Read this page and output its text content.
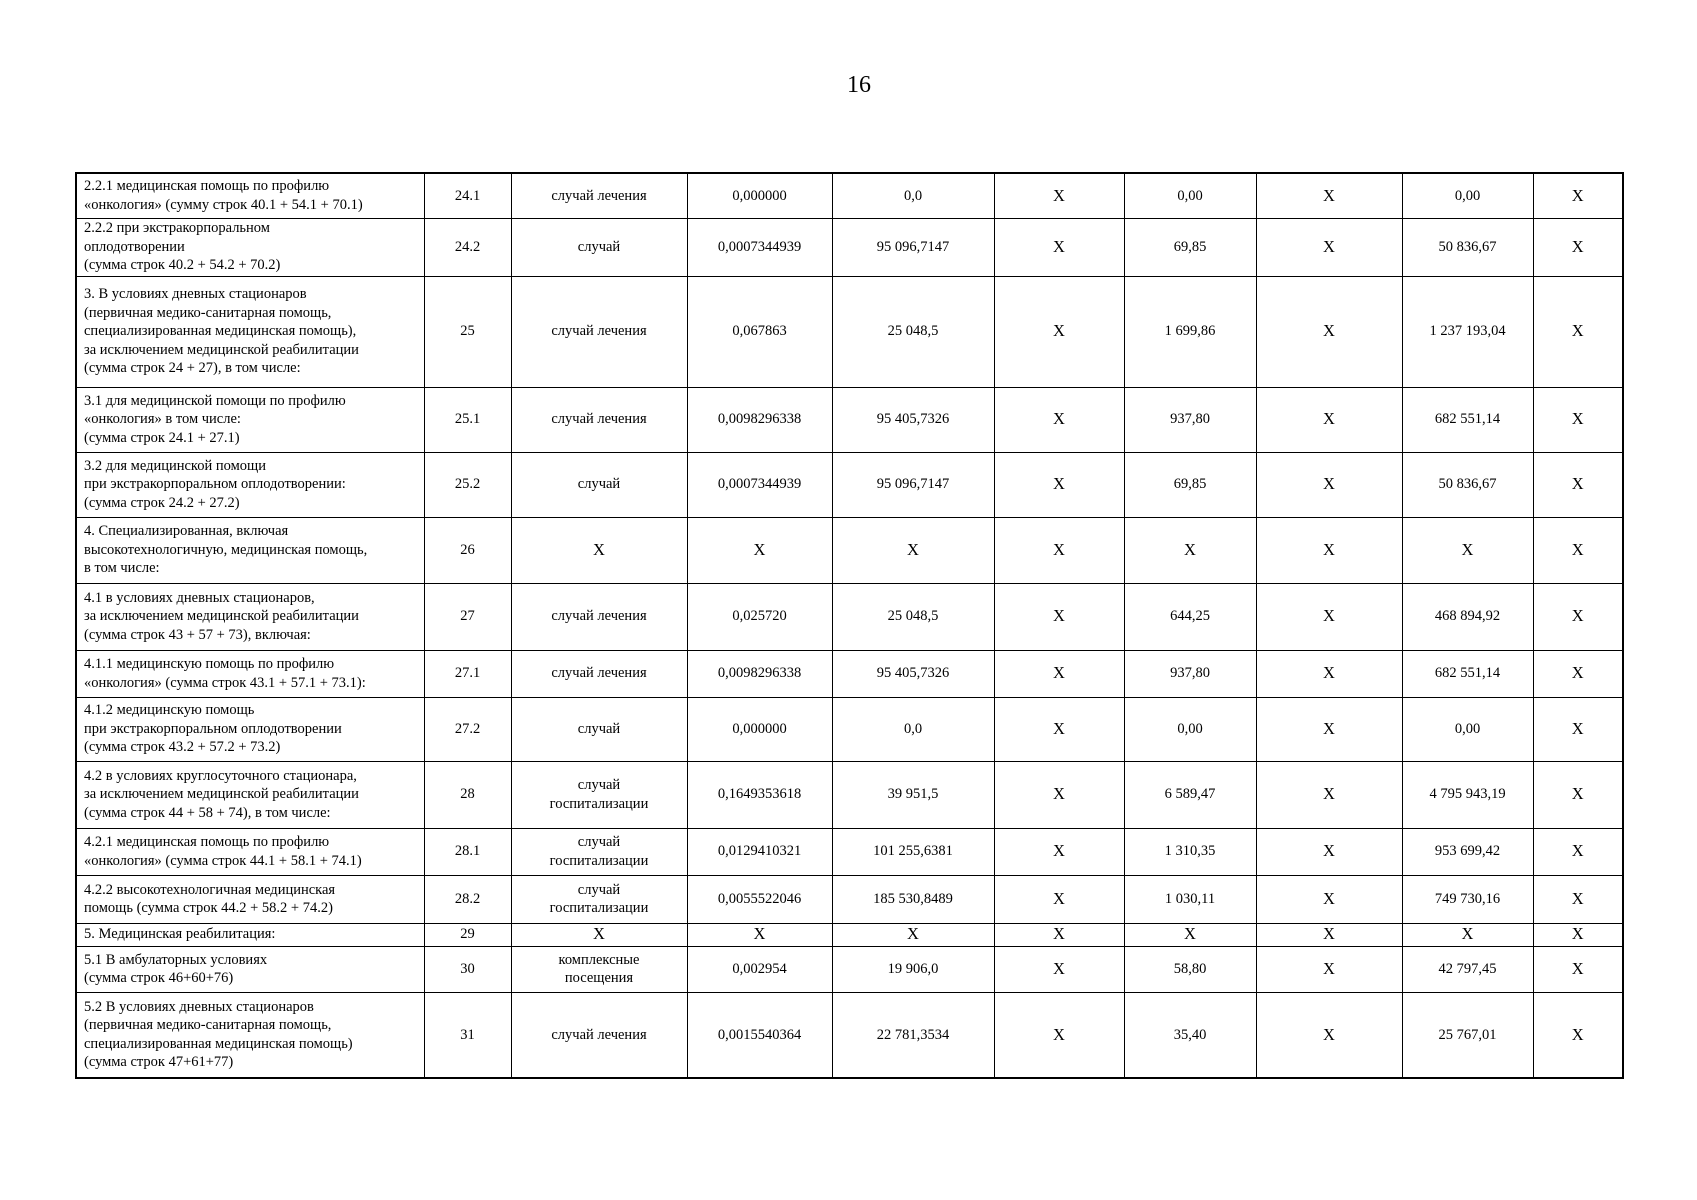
16
2.2.1 медицинская помощь по профилю
«онкология» (сумму строк 40.1 + 54.1 + 70.1)	24.1	случай лечения	0,000000	0,0	Х	0,00	Х	0,00	Х
2.2.2 при экстракорпоральном
оплодотворении
(сумма строк 40.2 + 54.2 + 70.2)	24.2	случай	0,0007344939	95 096,7147	Х	69,85	Х	50 836,67	Х
3. В условиях дневных стационаров
(первичная медико-санитарная помощь,
специализированная медицинская помощь),
за исключением медицинской реабилитации
(сумма строк 24 + 27), в том числе:	25	случай лечения	0,067863	25 048,5	Х	1 699,86	Х	1 237 193,04	Х
3.1 для медицинской помощи по профилю
«онкология» в том числе:
(сумма строк 24.1 + 27.1)	25.1	случай лечения	0,0098296338	95 405,7326	Х	937,80	Х	682 551,14	Х
3.2 для медицинской помощи
при экстракорпоральном оплодотворении:
(сумма строк 24.2 + 27.2)	25.2	случай	0,0007344939	95 096,7147	Х	69,85	Х	50 836,67	Х
4. Специализированная, включая
высокотехнологичную, медицинская помощь,
в том числе:	26	Х	Х	Х	Х	Х	Х	Х	Х
4.1 в условиях дневных стационаров,
за исключением медицинской реабилитации
(сумма строк 43 + 57 + 73), включая:	27	случай лечения	0,025720	25 048,5	Х	644,25	Х	468 894,92	Х
4.1.1 медицинскую помощь по профилю
«онкология» (сумма строк 43.1 + 57.1 + 73.1):	27.1	случай лечения	0,0098296338	95 405,7326	Х	937,80	Х	682 551,14	Х
4.1.2 медицинскую помощь
при экстракорпоральном оплодотворении
(сумма строк 43.2 + 57.2 + 73.2)	27.2	случай	0,000000	0,0	Х	0,00	Х	0,00	Х
4.2 в условиях круглосуточного стационара,
за исключением медицинской реабилитации
(сумма строк 44 + 58 + 74), в том числе:	28	случай
госпитализации	0,1649353618	39 951,5	Х	6 589,47	Х	4 795 943,19	Х
4.2.1 медицинская помощь по профилю
«онкология» (сумма строк 44.1 + 58.1 + 74.1)	28.1	случай
госпитализации	0,0129410321	101 255,6381	Х	1 310,35	Х	953 699,42	Х
4.2.2 высокотехнологичная медицинская
помощь (сумма строк 44.2 + 58.2 + 74.2)	28.2	случай
госпитализации	0,0055522046	185 530,8489	Х	1 030,11	Х	749 730,16	Х
5. Медицинская реабилитация:	29	Х	Х	Х	Х	Х	Х	Х	Х
5.1 В амбулаторных условиях
(сумма строк 46+60+76)	30	комплексные
посещения	0,002954	19 906,0	Х	58,80	Х	42 797,45	Х
5.2 В условиях дневных стационаров
(первичная медико-санитарная помощь,
специализированная медицинская помощь)
(сумма строк 47+61+77)	31	случай лечения	0,0015540364	22 781,3534	Х	35,40	Х	25 767,01	Х
